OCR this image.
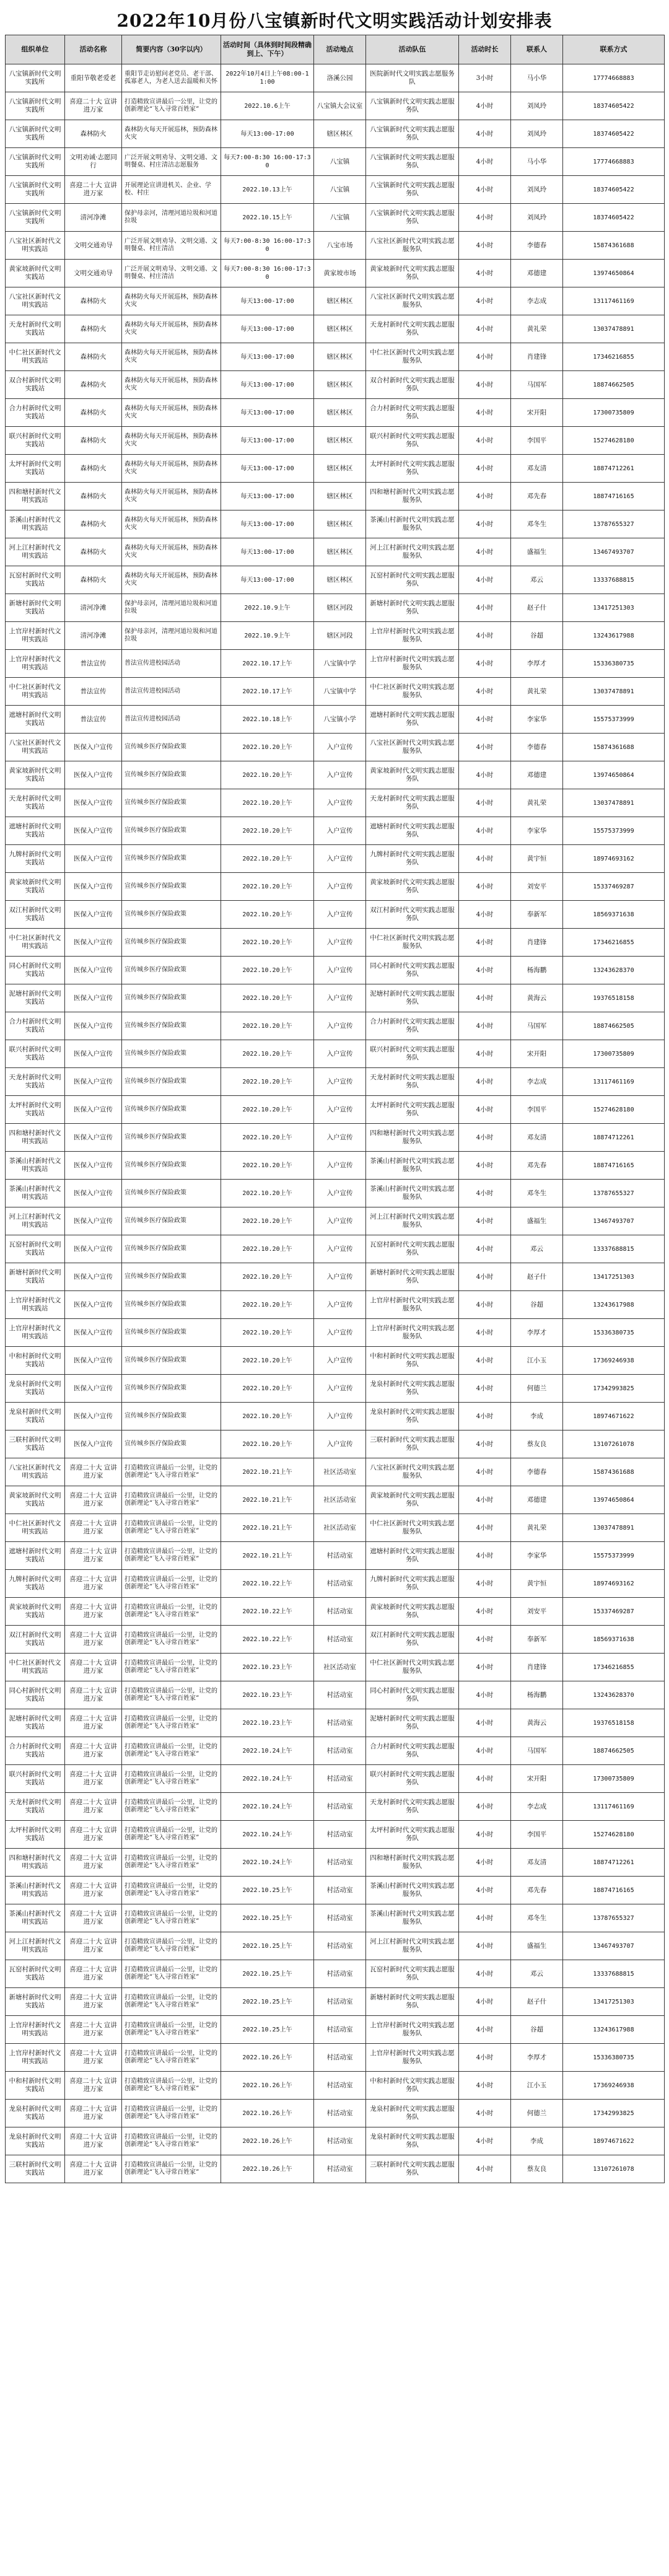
2022年10月份八宝镇新时代文明实践活动计划安排表
组织单位	活动名称	简要内容（30字以内）	活动时间（具体到时间段精确到上、下午）	活动地点	活动队伍	活动时长	联系人	联系方式
八宝镇新时代文明实践所	重阳节敬老爱老	重阳节走访慰问老党员、老干部、孤寡老人，为老人送去温暖和关怀	2022年10月4日上午08:00-11:00	洛溪公园	医院新时代文明实践志愿服务队	3小时	马小华	17774668883
八宝镇新时代文明实践所	喜迎二十大 宣讲进万家	打造精致宣讲最后一公里，让党的创新理论“飞入寻常百姓家”	2022.10.6上午	八宝镇大会议室	八宝镇新时代文明实践志愿服务队	4小时	刘凤玲	18374605422
八宝镇新时代文明实践所	森林防火	森林防火每天开展巡林，预防森林火灾	每天13:00-17:00	辖区林区	八宝镇新时代文明实践志愿服务队	4小时	刘凤玲	18374605422
八宝镇新时代文明实践所	文明劝诫·志愿同行	广泛开展文明劝导、文明交通、文明餐桌、村庄清洁志愿服务	每天7:00-8:30 16:00-17:30	八宝镇	八宝镇新时代文明实践志愿服务队	4小时	马小华	17774668883
八宝镇新时代文明实践所	喜迎二十大 宣讲进万家	开展理论宣讲进机关、企业、学校、村庄	2022.10.13上午	八宝镇	八宝镇新时代文明实践志愿服务队	4小时	刘凤玲	18374605422
八宝镇新时代文明实践所	清河净滩	保护母亲河，清理河道垃圾和河道拉圾	2022.10.15上午	八宝镇	八宝镇新时代文明实践志愿服务队	4小时	刘凤玲	18374605422
八宝社区新时代文明实践站	文明交通劝导	广泛开展文明劝导、文明交通、文明餐桌、村庄清洁	每天7:00-8:30 16:00-17:30	八宝市场	八宝社区新时代文明实践志愿服务队	4小时	李德春	15874361688
黄家坡新时代文明实践站	文明交通劝导	广泛开展文明劝导、文明交通、文明餐桌、村庄清洁	每天7:00-8:30 16:00-17:30	黄家坡市场	黄家坡新时代文明实践志愿服务队	4小时	邓德建	13974650864
八宝社区新时代文明实践站	森林防火	森林防火每天开展巡林，预防森林火灾	每天13:00-17:00	辖区林区	八宝社区新时代文明实践志愿服务队	4小时	李志成	13117461169
天龙村新时代文明实践站	森林防火	森林防火每天开展巡林，预防森林火灾	每天13:00-17:00	辖区林区	天龙村新时代文明实践志愿服务队	4小时	黄礼荣	13037478891
中仁社区新时代文明实践站	森林防火	森林防火每天开展巡林，预防森林火灾	每天13:00-17:00	辖区林区	中仁社区新时代文明实践志愿服务队	4小时	肖建锋	17346216855
双合村新时代文明实践站	森林防火	森林防火每天开展巡林，预防森林火灾	每天13:00-17:00	辖区林区	双合村新时代文明实践志愿服务队	4小时	马国军	18874662505
合力村新时代文明实践站	森林防火	森林防火每天开展巡林，预防森林火灾	每天13:00-17:00	辖区林区	合力村新时代文明实践志愿服务队	4小时	宋开阳	17300735809
联兴村新时代文明实践站	森林防火	森林防火每天开展巡林，预防森林火灾	每天13:00-17:00	辖区林区	联兴村新时代文明实践志愿服务队	4小时	李国平	15274628180
太坪村新时代文明实践站	森林防火	森林防火每天开展巡林，预防森林火灾	每天13:00-17:00	辖区林区	太坪村新时代文明实践志愿服务队	4小时	邓友清	18874712261
四和塘村新时代文明实践站	森林防火	森林防火每天开展巡林，预防森林火灾	每天13:00-17:00	辖区林区	四和塘村新时代文明实践志愿服务队	4小时	邓先春	18874716165
茶溪山村新时代文明实践站	森林防火	森林防火每天开展巡林，预防森林火灾	每天13:00-17:00	辖区林区	茶溪山村新时代文明实践志愿服务队	4小时	邓冬生	13787655327
河上江村新时代文明实践站	森林防火	森林防火每天开展巡林，预防森林火灾	每天13:00-17:00	辖区林区	河上江村新时代文明实践志愿服务队	4小时	盛福生	13467493707
瓦窑村新时代文明实践站	森林防火	森林防火每天开展巡林，预防森林火灾	每天13:00-17:00	辖区林区	瓦窑村新时代文明实践志愿服务队	4小时	邓云	13337688815
新塘村新时代文明实践站	清河净滩	保护母亲河，清理河道垃圾和河道拉圾	2022.10.9上午	辖区河段	新塘村新时代文明实践志愿服务队	4小时	赵子什	13417251303
上官岸村新时代文明实践站	清河净滩	保护母亲河，清理河道垃圾和河道拉圾	2022.10.9上午	辖区河段	上官岸村新时代文明实践志愿服务队	4小时	谷超	13243617988
上官岸村新时代文明实践站	普法宣传	普法宣传进校园活动	2022.10.17上午	八宝镇中学	上官岸村新时代文明实践志愿服务队	4小时	李厚才	15336380735
中仁社区新时代文明实践站	普法宣传	普法宣传进校园活动	2022.10.17上午	八宝镇中学	中仁社区新时代文明实践志愿服务队	4小时	黄礼荣	13037478891
遮塘村新时代文明实践站	普法宣传	普法宣传进校园活动	2022.10.18上午	八宝镇小学	遮塘村新时代文明实践志愿服务队	4小时	李家华	15575373999
八宝社区新时代文明实践站	医保入户宣传	宣传城乡医疗保险政策	2022.10.20上午	入户宣传	八宝社区新时代文明实践志愿服务队	4小时	李德春	15874361688
黄家坡新时代文明实践站	医保入户宣传	宣传城乡医疗保险政策	2022.10.20上午	入户宣传	黄家坡新时代文明实践志愿服务队	4小时	邓德建	13974650864
天龙村新时代文明实践站	医保入户宣传	宣传城乡医疗保险政策	2022.10.20上午	入户宣传	天龙村新时代文明实践志愿服务队	4小时	黄礼荣	13037478891
遮塘村新时代文明实践站	医保入户宣传	宣传城乡医疗保险政策	2022.10.20上午	入户宣传	遮塘村新时代文明实践志愿服务队	4小时	李家华	15575373999
九牌村新时代文明实践站	医保入户宣传	宣传城乡医疗保险政策	2022.10.20上午	入户宣传	九牌村新时代文明实践志愿服务队	4小时	黄宇恒	18974693162
黄家坡新时代文明实践站	医保入户宣传	宣传城乡医疗保险政策	2022.10.20上午	入户宣传	黄家坡新时代文明实践志愿服务队	4小时	刘安平	15337469287
双江村新时代文明实践站	医保入户宣传	宣传城乡医疗保险政策	2022.10.20上午	入户宣传	双江村新时代文明实践志愿服务队	4小时	奉新军	18569371638
中仁社区新时代文明实践站	医保入户宣传	宣传城乡医疗保险政策	2022.10.20上午	入户宣传	中仁社区新时代文明实践志愿服务队	4小时	肖建锋	17346216855
同心村新时代文明实践站	医保入户宣传	宣传城乡医疗保险政策	2022.10.20上午	入户宣传	同心村新时代文明实践志愿服务队	4小时	杨海鹏	13243628370
泥塘村新时代文明实践站	医保入户宣传	宣传城乡医疗保险政策	2022.10.20上午	入户宣传	泥塘村新时代文明实践志愿服务队	4小时	黄海云	19376518158
合力村新时代文明实践站	医保入户宣传	宣传城乡医疗保险政策	2022.10.20上午	入户宣传	合力村新时代文明实践志愿服务队	4小时	马国军	18874662505
联兴村新时代文明实践站	医保入户宣传	宣传城乡医疗保险政策	2022.10.20上午	入户宣传	联兴村新时代文明实践志愿服务队	4小时	宋开阳	17300735809
天龙村新时代文明实践站	医保入户宣传	宣传城乡医疗保险政策	2022.10.20上午	入户宣传	天龙村新时代文明实践志愿服务队	4小时	李志成	13117461169
太坪村新时代文明实践站	医保入户宣传	宣传城乡医疗保险政策	2022.10.20上午	入户宣传	太坪村新时代文明实践志愿服务队	4小时	李国平	15274628180
四和塘村新时代文明实践站	医保入户宣传	宣传城乡医疗保险政策	2022.10.20上午	入户宣传	四和塘村新时代文明实践志愿服务队	4小时	邓友清	18874712261
茶溪山村新时代文明实践站	医保入户宣传	宣传城乡医疗保险政策	2022.10.20上午	入户宣传	茶溪山村新时代文明实践志愿服务队	4小时	邓先春	18874716165
茶溪山村新时代文明实践站	医保入户宣传	宣传城乡医疗保险政策	2022.10.20上午	入户宣传	茶溪山村新时代文明实践志愿服务队	4小时	邓冬生	13787655327
河上江村新时代文明实践站	医保入户宣传	宣传城乡医疗保险政策	2022.10.20上午	入户宣传	河上江村新时代文明实践志愿服务队	4小时	盛福生	13467493707
瓦窑村新时代文明实践站	医保入户宣传	宣传城乡医疗保险政策	2022.10.20上午	入户宣传	瓦窑村新时代文明实践志愿服务队	4小时	邓云	13337688815
新塘村新时代文明实践站	医保入户宣传	宣传城乡医疗保险政策	2022.10.20上午	入户宣传	新塘村新时代文明实践志愿服务队	4小时	赵子什	13417251303
上官岸村新时代文明实践站	医保入户宣传	宣传城乡医疗保险政策	2022.10.20上午	入户宣传	上官岸村新时代文明实践志愿服务队	4小时	谷超	13243617988
上官岸村新时代文明实践站	医保入户宣传	宣传城乡医疗保险政策	2022.10.20上午	入户宣传	上官岸村新时代文明实践志愿服务队	4小时	李厚才	15336380735
中和村新时代文明实践站	医保入户宣传	宣传城乡医疗保险政策	2022.10.20上午	入户宣传	中和村新时代文明实践志愿服务队	4小时	江小玉	17369246938
龙泉村新时代文明实践站	医保入户宣传	宣传城乡医疗保险政策	2022.10.20上午	入户宣传	龙泉村新时代文明实践志愿服务队	4小时	何德兰	17342993825
龙泉村新时代文明实践站	医保入户宣传	宣传城乡医疗保险政策	2022.10.20上午	入户宣传	龙泉村新时代文明实践志愿服务队	4小时	李成	18974671622
三联村新时代文明实践站	医保入户宣传	宣传城乡医疗保险政策	2022.10.20上午	入户宣传	三联村新时代文明实践志愿服务队	4小时	蔡友良	13107261078
八宝社区新时代文明实践站	喜迎二十大 宣讲进万家	打造精致宣讲最后一公里，让党的创新理论“飞入寻常百姓家”	2022.10.21上午	社区活动室	八宝社区新时代文明实践志愿服务队	4小时	李德春	15874361688
黄家坡新时代文明实践站	喜迎二十大 宣讲进万家	打造精致宣讲最后一公里，让党的创新理论“飞入寻常百姓家”	2022.10.21上午	社区活动室	黄家坡新时代文明实践志愿服务队	4小时	邓德建	13974650864
中仁社区新时代文明实践站	喜迎二十大 宣讲进万家	打造精致宣讲最后一公里，让党的创新理论“飞入寻常百姓家”	2022.10.21上午	社区活动室	中仁社区新时代文明实践志愿服务队	4小时	黄礼荣	13037478891
遮塘村新时代文明实践站	喜迎二十大 宣讲进万家	打造精致宣讲最后一公里，让党的创新理论“飞入寻常百姓家”	2022.10.21上午	村活动室	遮塘村新时代文明实践志愿服务队	4小时	李家华	15575373999
九牌村新时代文明实践站	喜迎二十大 宣讲进万家	打造精致宣讲最后一公里，让党的创新理论“飞入寻常百姓家”	2022.10.22上午	村活动室	九牌村新时代文明实践志愿服务队	4小时	黄宇恒	18974693162
黄家坡新时代文明实践站	喜迎二十大 宣讲进万家	打造精致宣讲最后一公里，让党的创新理论“飞入寻常百姓家”	2022.10.22上午	村活动室	黄家坡新时代文明实践志愿服务队	4小时	刘安平	15337469287
双江村新时代文明实践站	喜迎二十大 宣讲进万家	打造精致宣讲最后一公里，让党的创新理论“飞入寻常百姓家”	2022.10.22上午	村活动室	双江村新时代文明实践志愿服务队	4小时	奉新军	18569371638
中仁社区新时代文明实践站	喜迎二十大 宣讲进万家	打造精致宣讲最后一公里，让党的创新理论“飞入寻常百姓家”	2022.10.23上午	社区活动室	中仁社区新时代文明实践志愿服务队	4小时	肖建锋	17346216855
同心村新时代文明实践站	喜迎二十大 宣讲进万家	打造精致宣讲最后一公里，让党的创新理论“飞入寻常百姓家”	2022.10.23上午	村活动室	同心村新时代文明实践志愿服务队	4小时	杨海鹏	13243628370
泥塘村新时代文明实践站	喜迎二十大 宣讲进万家	打造精致宣讲最后一公里，让党的创新理论“飞入寻常百姓家”	2022.10.23上午	村活动室	泥塘村新时代文明实践志愿服务队	4小时	黄海云	19376518158
合力村新时代文明实践站	喜迎二十大 宣讲进万家	打造精致宣讲最后一公里，让党的创新理论“飞入寻常百姓家”	2022.10.24上午	村活动室	合力村新时代文明实践志愿服务队	4小时	马国军	18874662505
联兴村新时代文明实践站	喜迎二十大 宣讲进万家	打造精致宣讲最后一公里，让党的创新理论“飞入寻常百姓家”	2022.10.24上午	村活动室	联兴村新时代文明实践志愿服务队	4小时	宋开阳	17300735809
天龙村新时代文明实践站	喜迎二十大 宣讲进万家	打造精致宣讲最后一公里，让党的创新理论“飞入寻常百姓家”	2022.10.24上午	村活动室	天龙村新时代文明实践志愿服务队	4小时	李志成	13117461169
太坪村新时代文明实践站	喜迎二十大 宣讲进万家	打造精致宣讲最后一公里，让党的创新理论“飞入寻常百姓家”	2022.10.24上午	村活动室	太坪村新时代文明实践志愿服务队	4小时	李国平	15274628180
四和塘村新时代文明实践站	喜迎二十大 宣讲进万家	打造精致宣讲最后一公里，让党的创新理论“飞入寻常百姓家”	2022.10.24上午	村活动室	四和塘村新时代文明实践志愿服务队	4小时	邓友清	18874712261
茶溪山村新时代文明实践站	喜迎二十大 宣讲进万家	打造精致宣讲最后一公里，让党的创新理论“飞入寻常百姓家”	2022.10.25上午	村活动室	茶溪山村新时代文明实践志愿服务队	4小时	邓先春	18874716165
茶溪山村新时代文明实践站	喜迎二十大 宣讲进万家	打造精致宣讲最后一公里，让党的创新理论“飞入寻常百姓家”	2022.10.25上午	村活动室	茶溪山村新时代文明实践志愿服务队	4小时	邓冬生	13787655327
河上江村新时代文明实践站	喜迎二十大 宣讲进万家	打造精致宣讲最后一公里，让党的创新理论“飞入寻常百姓家”	2022.10.25上午	村活动室	河上江村新时代文明实践志愿服务队	4小时	盛福生	13467493707
瓦窑村新时代文明实践站	喜迎二十大 宣讲进万家	打造精致宣讲最后一公里，让党的创新理论“飞入寻常百姓家”	2022.10.25上午	村活动室	瓦窑村新时代文明实践志愿服务队	4小时	邓云	13337688815
新塘村新时代文明实践站	喜迎二十大 宣讲进万家	打造精致宣讲最后一公里，让党的创新理论“飞入寻常百姓家”	2022.10.25上午	村活动室	新塘村新时代文明实践志愿服务队	4小时	赵子什	13417251303
上官岸村新时代文明实践站	喜迎二十大 宣讲进万家	打造精致宣讲最后一公里，让党的创新理论“飞入寻常百姓家”	2022.10.25上午	村活动室	上官岸村新时代文明实践志愿服务队	4小时	谷超	13243617988
上官岸村新时代文明实践站	喜迎二十大 宣讲进万家	打造精致宣讲最后一公里，让党的创新理论“飞入寻常百姓家”	2022.10.26上午	村活动室	上官岸村新时代文明实践志愿服务队	4小时	李厚才	15336380735
中和村新时代文明实践站	喜迎二十大 宣讲进万家	打造精致宣讲最后一公里，让党的创新理论“飞入寻常百姓家”	2022.10.26上午	村活动室	中和村新时代文明实践志愿服务队	4小时	江小玉	17369246938
龙泉村新时代文明实践站	喜迎二十大 宣讲进万家	打造精致宣讲最后一公里，让党的创新理论“飞入寻常百姓家”	2022.10.26上午	村活动室	龙泉村新时代文明实践志愿服务队	4小时	何德兰	17342993825
龙泉村新时代文明实践站	喜迎二十大 宣讲进万家	打造精致宣讲最后一公里，让党的创新理论“飞入寻常百姓家”	2022.10.26上午	村活动室	龙泉村新时代文明实践志愿服务队	4小时	李成	18974671622
三联村新时代文明实践站	喜迎二十大 宣讲进万家	打造精致宣讲最后一公里，让党的创新理论“飞入寻常百姓家”	2022.10.26上午	村活动室	三联村新时代文明实践志愿服务队	4小时	蔡友良	13107261078
